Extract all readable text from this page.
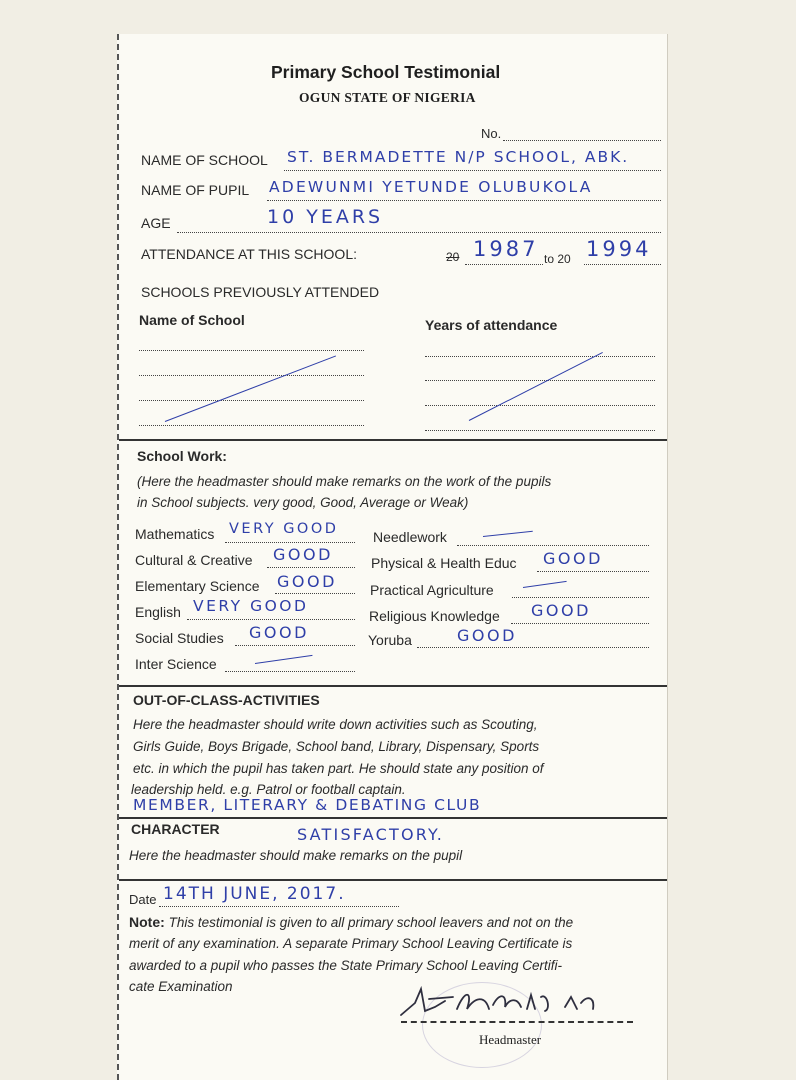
Primary School Testimonial
OGUN STATE OF NIGERIA
No.
NAME OF SCHOOL ST. BERMADETTE N/P SCHOOL, ABK.
NAME OF PUPIL ADEWUNMI YETUNDE OLUBUKOLA
AGE	10 YEARS
ATTENDANCE AT THIS SCHOOL:	20 1987 to 20 1994
SCHOOLS PREVIOUSLY ATTENDED
Name of School	Years of attendance
School Work:
(Here the headmaster should make remarks on the work of the pupils
in School subjects. very good, Good, Average or Weak)
Mathematics VERY GOOD
Cultural & Creative GOOD
Elementary Science GOOD
English VERY GOOD
Social Studies GOOD
Inter Science
Needlework
Physical & Health Educ GOOD
Practical Agriculture
Religious Knowledge GOOD
Yoruba	GOOD
OUT-OF-CLASS-ACTIVITIES
Here the headmaster should write down activities such as Scouting,
Girls Guide, Boys Brigade, School band, Library, Dispensary, Sports
etc. in which the pupil has taken part. He should state any position of
leadership held. e.g. Patrol or football captain.
MEMBER, LITERARY & DEBATING CLUB
CHARACTER	SATISFACTORY.
Here the headmaster should make remarks on the pupil
Date 14TH JUNE, 2017.
Note: This testimonial is given to all primary school leavers and not on the
merit of any examination. A separate Primary School Leaving Certificate is
awarded to a pupil who passes the State Primary School Leaving Certifi-
cate Examination
Headmaster
